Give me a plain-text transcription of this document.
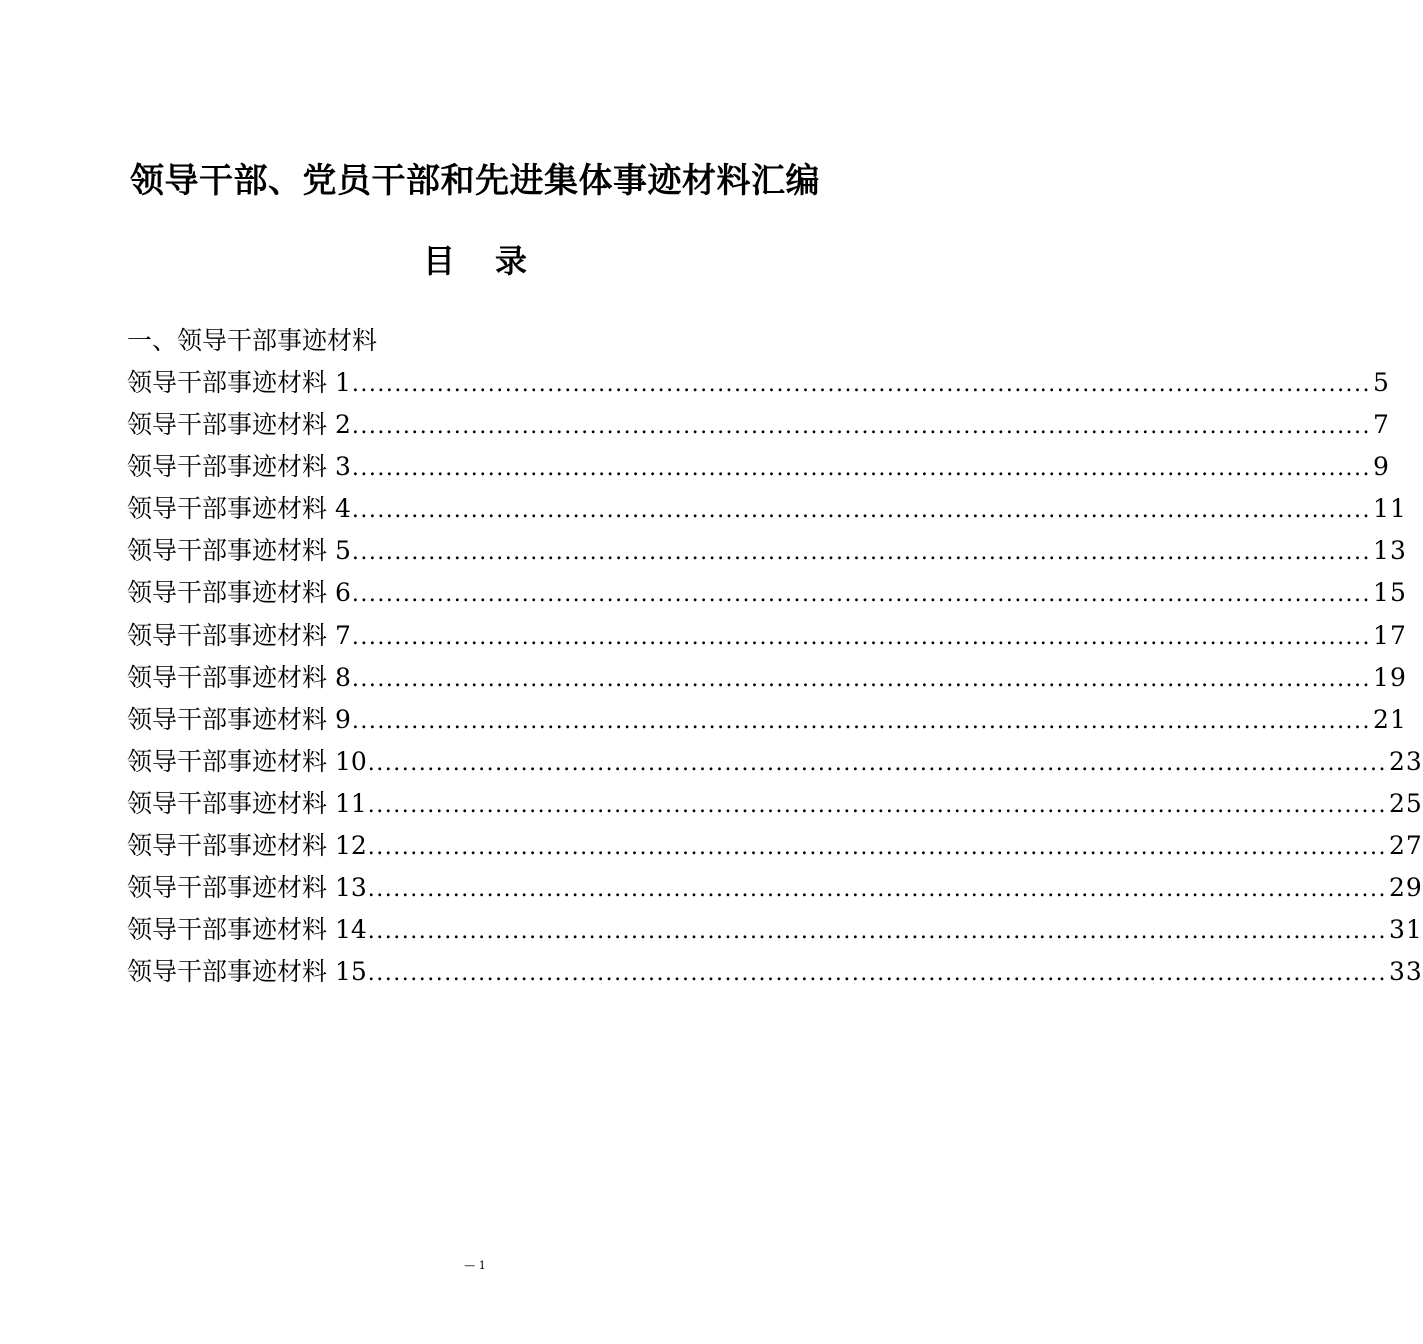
领导干部、党员干部和先进集体事迹材料汇编
目 录
一、领导干部事迹材料
领导干部事迹材料 1 ........................................................................................................................ 5
领导干部事迹材料 2 ........................................................................................................................ 7
领导干部事迹材料 3 ........................................................................................................................ 9
领导干部事迹材料 4 ........................................................................................................................ 11
领导干部事迹材料 5 ........................................................................................................................ 13
领导干部事迹材料 6 ........................................................................................................................ 15
领导干部事迹材料 7 ........................................................................................................................ 17
领导干部事迹材料 8 ........................................................................................................................ 19
领导干部事迹材料 9 ........................................................................................................................ 21
领导干部事迹材料 10 ........................................................................................................................ 23
领导干部事迹材料 11 ........................................................................................................................ 25
领导干部事迹材料 12 ........................................................................................................................ 27
领导干部事迹材料 13 ........................................................................................................................ 29
领导干部事迹材料 14 ........................................................................................................................ 31
领导干部事迹材料 15 ........................................................................................................................ 33
— 1
